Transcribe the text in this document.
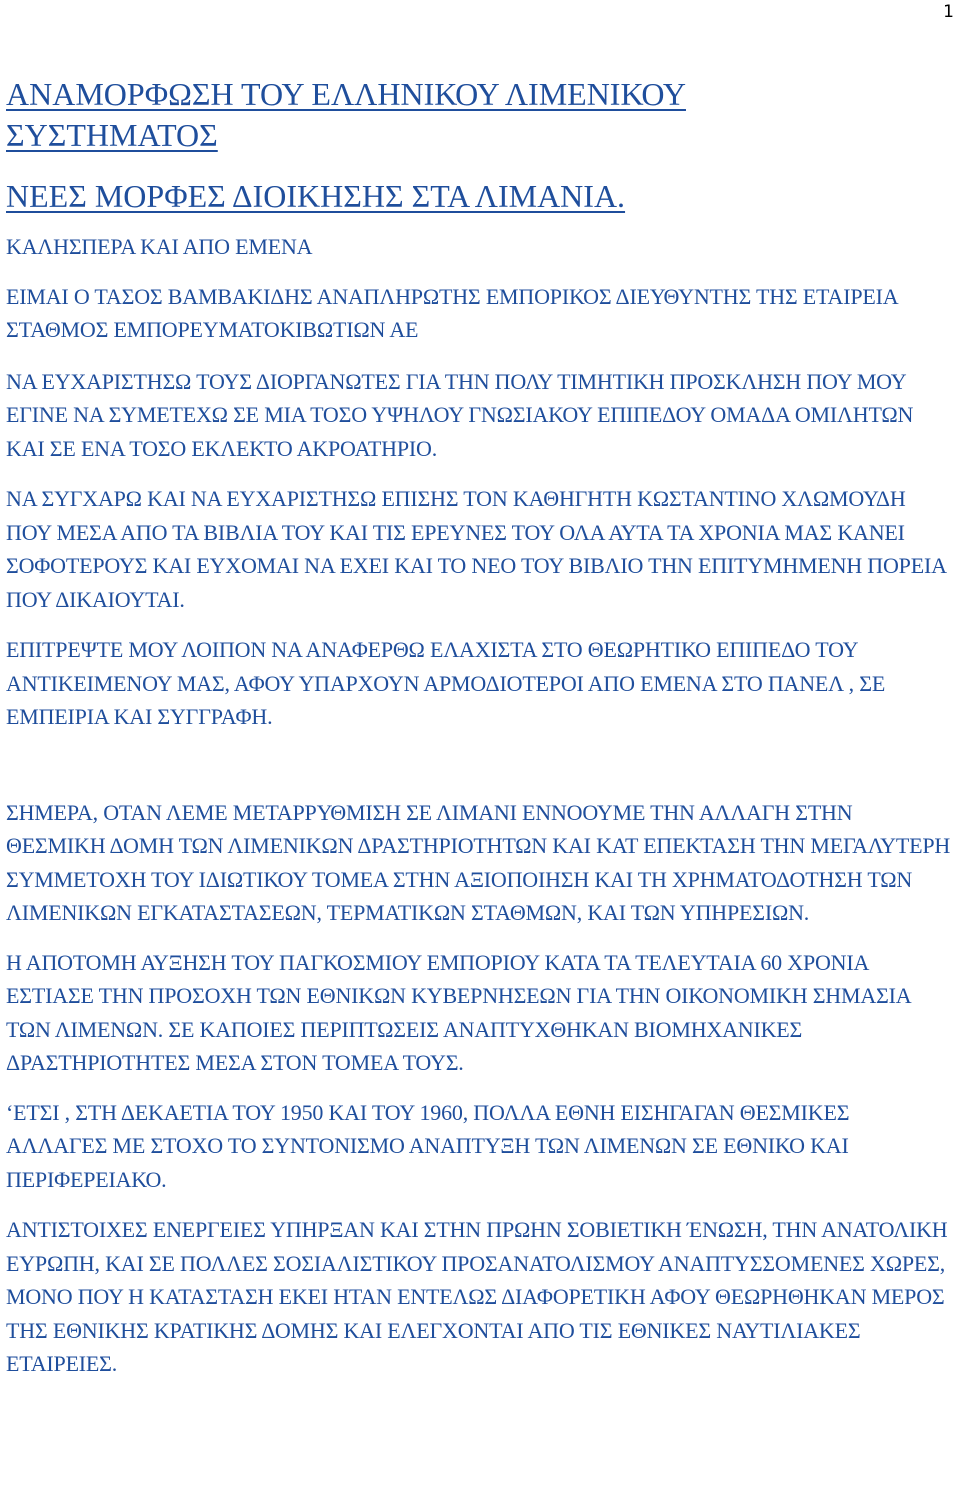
1
ΑΝΑΜΟΡΦΩΣΗ ΤΟΥ ΕΛΛΗΝΙΚΟΥ ΛΙΜΕΝΙΚΟΥ
ΣΥΣΤΗΜΑΤΟΣ
ΝΕΕΣ ΜΟΡΦΕΣ ΔΙΟΙΚΗΣΗΣ ΣΤΑ ΛΙΜΑΝΙΑ.

ΚΑΛΗΣΠΕΡΑ ΚΑΙ ΑΠΟ ΕΜΕΝΑ

ΕΙΜΑΙ Ο ΤΑΣΟΣ ΒΑΜΒΑΚΙΔΗΣ ΑΝΑΠΛΗΡΩΤΗΣ ΕΜΠΟΡΙΚΟΣ ΔΙΕΥΘΥΝΤΗΣ ΤΗΣ ΕΤΑΙΡΕΙΑ ΣΤΑΘΜΟΣ ΕΜΠΟΡΕΥΜΑΤΟΚΙΒΩΤΙΩΝ ΑΕ

ΝΑ ΕΥΧΑΡΙΣΤΗΣΩ ΤΟΥΣ ΔΙΟΡΓΑΝΩΤΕΣ ΓΙΑ ΤΗΝ ΠΟΛΥ ΤΙΜΗΤΙΚΗ ΠΡΟΣΚΛΗΣΗ ΠΟΥ ΜΟΥ ΕΓΙΝΕ ΝΑ ΣΥΜΕΤΕΧΩ ΣΕ ΜΙΑ ΤΟΣΟ ΥΨΗΛΟΥ ΓΝΩΣΙΑΚΟΥ ΕΠΙΠΕΔΟΥ ΟΜΑΔΑ ΟΜΙΛΗΤΩΝ ΚΑΙ ΣΕ ΕΝΑ ΤΟΣΟ ΕΚΛΕΚΤΟ ΑΚΡΟΑΤΗΡΙΟ.

ΝΑ ΣΥΓΧΑΡΩ ΚΑΙ ΝΑ ΕΥΧΑΡΙΣΤΗΣΩ ΕΠΙΣΗΣ ΤΟΝ ΚΑΘΗΓΗΤΗ ΚΩΣΤΑΝΤΙΝΟ ΧΛΩΜΟΥΔΗ ΠΟΥ ΜΕΣΑ ΑΠΟ ΤΑ ΒΙΒΛΙΑ ΤΟΥ ΚΑΙ ΤΙΣ ΕΡΕΥΝΕΣ ΤΟΥ ΟΛΑ ΑΥΤΑ ΤΑ ΧΡΟΝΙΑ ΜΑΣ ΚΑΝΕΙ ΣΟΦΟΤΕΡΟΥΣ ΚΑΙ ΕΥΧΟΜΑΙ ΝΑ ΕΧΕΙ ΚΑΙ ΤΟ ΝΕΟ ΤΟΥ ΒΙΒΛΙΟ ΤΗΝ ΕΠΙΤΥΜΗΜΕΝΗ ΠΟΡΕΙΑ ΠΟΥ ΔΙΚΑΙΟΥΤΑΙ.

ΕΠΙΤΡΕΨΤΕ ΜΟΥ ΛΟΙΠΟΝ ΝΑ ΑΝΑΦΕΡΘΩ ΕΛΑΧΙΣΤΑ ΣΤΟ ΘΕΩΡΗΤΙΚΟ ΕΠΙΠΕΔΟ ΤΟΥ ΑΝΤΙΚΕΙΜΕΝΟΥ ΜΑΣ, ΑΦΟΥ ΥΠΑΡΧΟΥΝ ΑΡΜΟΔΙΟΤΕΡΟΙ ΑΠΟ ΕΜΕΝΑ ΣΤΟ ΠΑΝΕΛ , ΣΕ ΕΜΠΕΙΡΙΑ ΚΑΙ ΣΥΓΓΡΑΦΗ.

ΣΗΜΕΡΑ, ΟΤΑΝ ΛΕΜΕ ΜΕΤΑΡΡΥΘΜΙΣΗ ΣΕ ΛΙΜΑΝΙ ΕΝΝΟΟΥΜΕ ΤΗΝ ΑΛΛΑΓΗ ΣΤΗΝ ΘΕΣΜΙΚΗ ΔΟΜΗ ΤΩΝ ΛΙΜΕΝΙΚΩΝ ΔΡΑΣΤΗΡΙΟΤΗΤΩΝ ΚΑΙ ΚΑΤ ΕΠΕΚΤΑΣΗ ΤΗΝ ΜΕΓΑΛΥΤΕΡΗ ΣΥΜΜΕΤΟΧΗ ΤΟΥ ΙΔΙΩΤΙΚΟΥ ΤΟΜΕΑ ΣΤΗΝ ΑΞΙΟΠΟΙΗΣΗ ΚΑΙ ΤΗ ΧΡΗΜΑΤΟΔΟΤΗΣΗ ΤΩΝ ΛΙΜΕΝΙΚΩΝ ΕΓΚΑΤΑΣΤΑΣΕΩΝ, ΤΕΡΜΑΤΙΚΩΝ ΣΤΑΘΜΩΝ, ΚΑΙ ΤΩΝ ΥΠΗΡΕΣΙΩΝ.

Η ΑΠΟΤΟΜΗ ΑΥΞΗΣΗ ΤΟΥ ΠΑΓΚΟΣΜΙΟΥ ΕΜΠΟΡΙΟΥ ΚΑΤΑ ΤΑ ΤΕΛΕΥΤΑΙΑ 60 ΧΡΟΝΙΑ ΕΣΤΙΑΣΕ ΤΗΝ ΠΡΟΣΟΧΗ ΤΩΝ ΕΘΝΙΚΩΝ ΚΥΒΕΡΝΗΣΕΩΝ ΓΙΑ ΤΗΝ ΟΙΚΟΝΟΜΙΚΗ ΣΗΜΑΣΙΑ ΤΩΝ ΛΙΜΕΝΩΝ. ΣΕ ΚΑΠΟΙΕΣ ΠΕΡΙΠΤΩΣΕΙΣ ΑΝΑΠΤΥΧΘΗΚΑΝ ΒΙΟΜΗΧΑΝΙΚΕΣ ΔΡΑΣΤΗΡΙΟΤΗΤΕΣ ΜΕΣΑ ΣΤΟΝ ΤΟΜΕΑ ΤΟΥΣ.

‘ΕΤΣΙ , ΣΤΗ ΔΕΚΑΕΤΙΑ ΤΟΥ 1950 ΚΑΙ ΤΟΥ 1960, ΠΟΛΛΑ ΕΘΝΗ ΕΙΣΗΓΑΓΑΝ ΘΕΣΜΙΚΕΣ ΑΛΛΑΓΕΣ ΜΕ ΣΤΟΧΟ ΤΟ ΣΥΝΤΟΝΙΣΜΟ ΑΝΑΠΤΥΞΗ ΤΩΝ ΛΙΜΕΝΩΝ ΣΕ ΕΘΝΙΚΟ ΚΑΙ ΠΕΡΙΦΕΡΕΙΑΚΟ.

ΑΝΤΙΣΤΟΙΧΕΣ ΕΝΕΡΓΕΙΕΣ ΥΠΗΡΞΑΝ ΚΑΙ ΣΤΗΝ ΠΡΩΗΝ ΣΟΒΙΕΤΙΚΗ ΈΝΩΣΗ, ΤΗΝ ΑΝΑΤΟΛΙΚΗ ΕΥΡΩΠΗ, ΚΑΙ ΣΕ ΠΟΛΛΕΣ ΣΟΣΙΑΛΙΣΤΙΚΟΥ ΠΡΟΣΑΝΑΤΟΛΙΣΜΟΥ ΑΝΑΠΤΥΣΣΟΜΕΝΕΣ ΧΩΡΕΣ, ΜΟΝΟ ΠΟΥ Η ΚΑΤΑΣΤΑΣΗ ΕΚΕΙ ΗΤΑΝ ΕΝΤΕΛΩΣ ΔΙΑΦΟΡΕΤΙΚΗ ΑΦΟΥ ΘΕΩΡΗΘΗΚΑΝ ΜΕΡΟΣ ΤΗΣ ΕΘΝΙΚΗΣ ΚΡΑΤΙΚΗΣ ΔΟΜΗΣ ΚΑΙ ΕΛΕΓΧΟΝΤΑΙ ΑΠΟ ΤΙΣ ΕΘΝΙΚΕΣ ΝΑΥΤΙΛΙΑΚΕΣ ΕΤΑΙΡΕΙΕΣ.
